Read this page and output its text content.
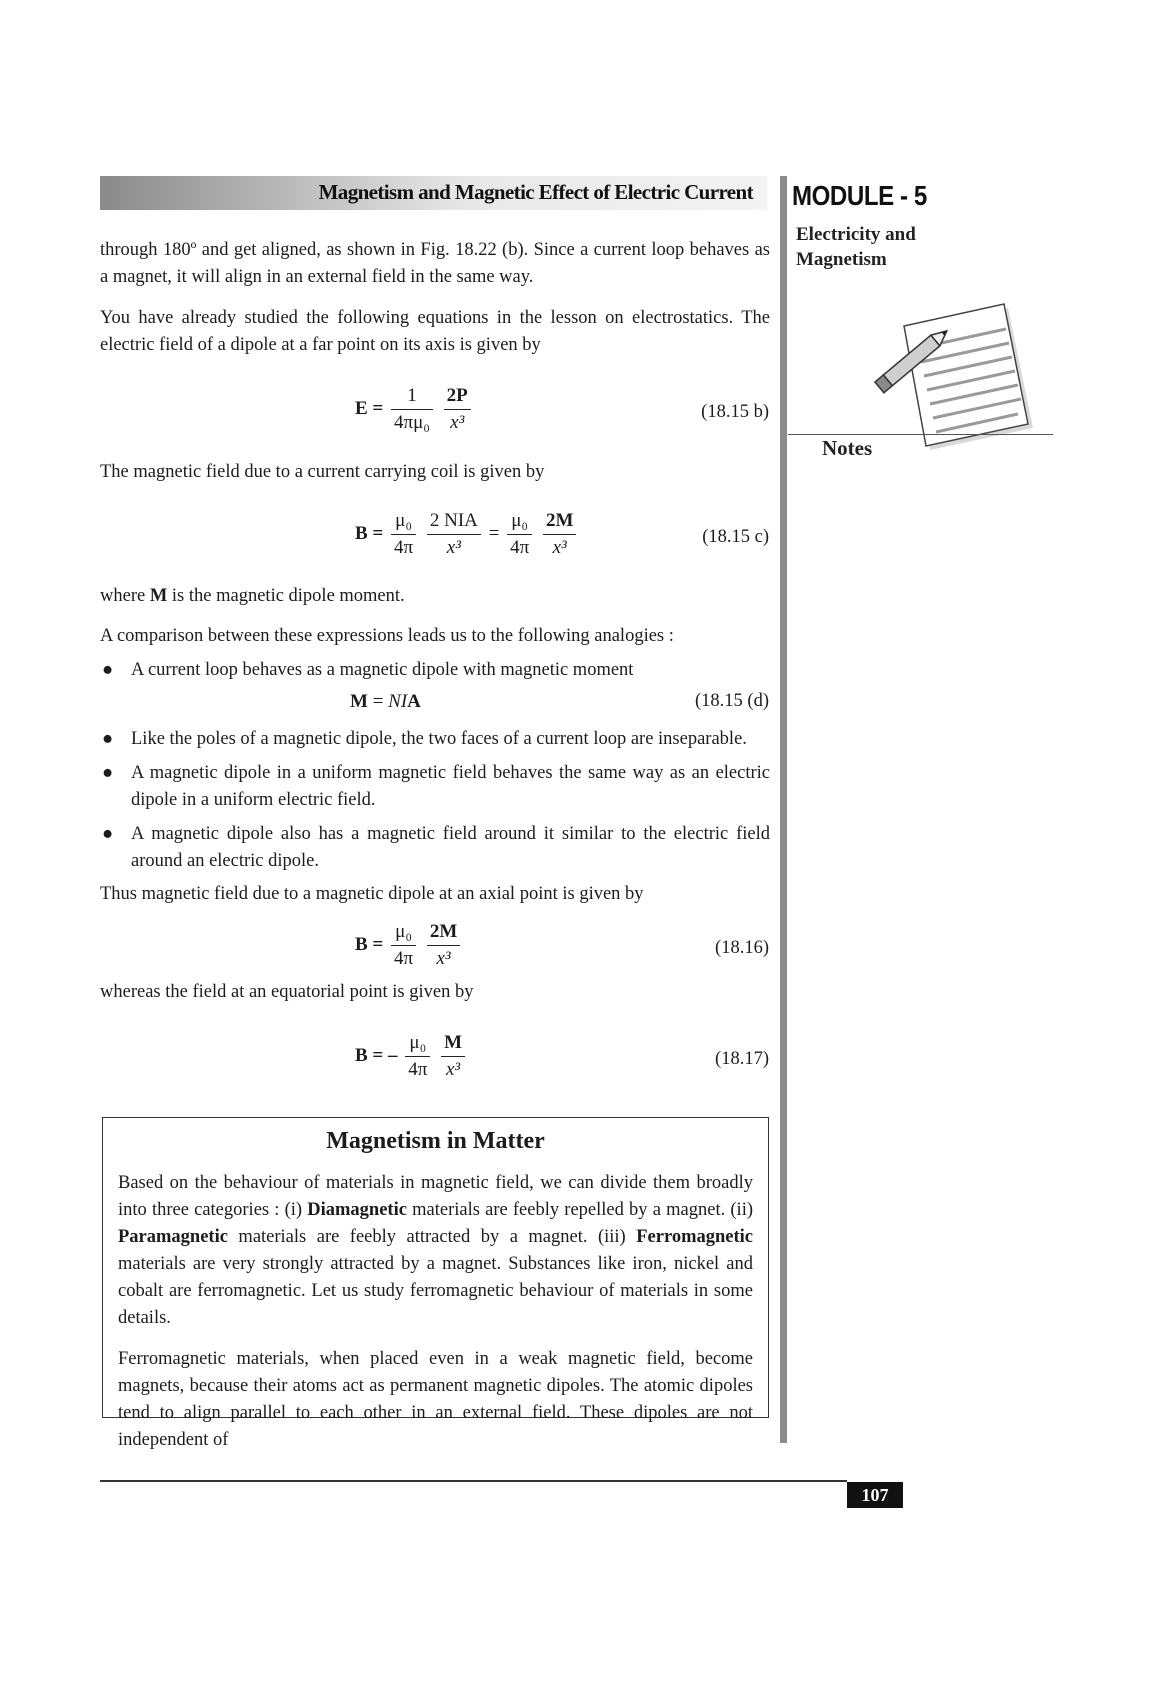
Magnetism and Magnetic Effect of Electric Current MODULE - 5
Electricity and
Magnetism
Notes
through 180º and get aligned, as shown in Fig. 18.22 (b). Since a current loop behaves as a magnet, it will align in an external field in the same way.
You have already studied the following equations in the lesson on electrostatics. The electric field of a dipole at a far point on its axis is given by
$E = \frac{1}{\text{4πμ₀}}$
$\frac{2P}{\text{x³}}$	(18.15 b)
The magnetic field due to a current carrying coil is given by
$B = \frac{\text{μ₀}}{4\pi}$
$\frac{\text{2 NIA}}{\text{x³}} = \frac{\text{μ₀}}{4\pi}$
$\frac{2M}{\text{x³}}$	(18.15 c)
where M is the magnetic dipole moment.
A comparison between these expressions leads us to the following analogies :
● A current loop behaves as a magnetic dipole with magnetic moment
M = NIA	(18.15 (d)
● Like the poles of a magnetic dipole, the two faces of a current loop are inseparable.
● A magnetic dipole in a uniform magnetic field behaves the same way as an electric dipole in a uniform electric field.
● A magnetic dipole also has a magnetic field around it similar to the electric field around an electric dipole.
Thus magnetic field due to a magnetic dipole at an axial point is given by
$B = \frac{\text{μ₀}}{4\pi}$
$\frac{2M}{\text{x³}}$	(18.16)
whereas the field at an equatorial point is given by
B = – $\frac{\text{μ₀}}{4\pi}$
$\frac{M}{\text{x³}}$	(18.17)
Magnetism in Matter
Based on the behaviour of materials in magnetic field, we can divide them broadly into three categories : (i) Diamagnetic materials are feebly repelled by a magnet. (ii) Paramagnetic materials are feebly attracted by a magnet. (iii) Ferromagnetic materials are very strongly attracted by a magnet. Substances like iron, nickel and cobalt are ferromagnetic. Let us study ferromagnetic behaviour of materials in some details.
Ferromagnetic materials, when placed even in a weak magnetic field, become magnets, because their atoms act as permanent magnetic dipoles. The atomic dipoles tend to align parallel to each other in an external field. These dipoles are not independent of
107
